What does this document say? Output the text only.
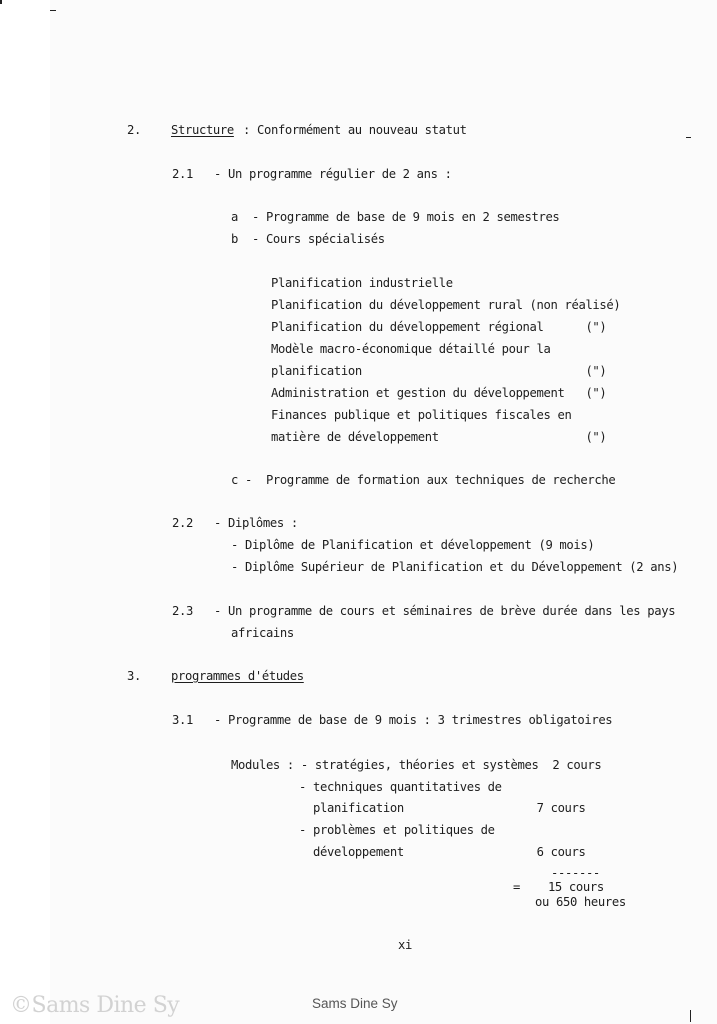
2. Structure : Conformément au nouveau statut
2.1 - Un programme régulier de 2 ans :
a  - Programme de base de 9 mois en 2 semestres
b  - Cours spécialisés
Planification industrielle
Planification du développement rural (non réalisé)
Planification du développement régional      (")
Modèle macro-économique détaillé pour la
planification                                (")
Administration et gestion du développement   (")
Finances publique et politiques fiscales en
matière de développement                     (")
c -  Programme de formation aux techniques de recherche
2.2 - Diplômes :
- Diplôme de Planification et développement (9 mois)
- Diplôme Supérieur de Planification et du Développement (2 ans)
2.3 - Un programme de cours et séminaires de brève durée dans les pays
africains
3. programmes d'études
3.1 - Programme de base de 9 mois : 3 trimestres obligatoires
Modules : - stratégies, théories et systèmes  2 cours
- techniques quantitatives de
planification                   7 cours
- problèmes et politiques de
développement                   6 cours
-------
=    15 cours
ou 650 heures
xi
©Sams Dine Sy	Sams Dine Sy
